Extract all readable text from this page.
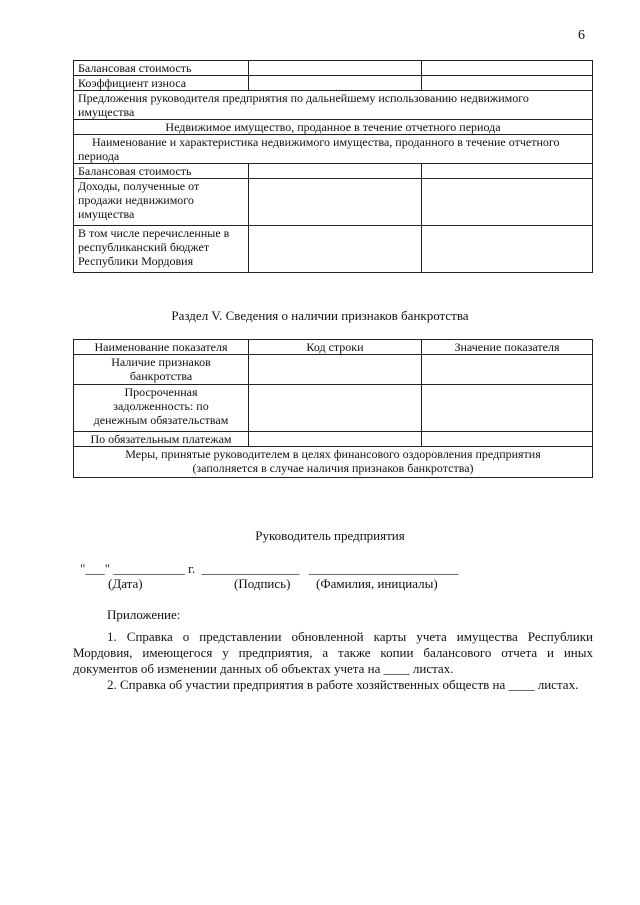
6
Балансовая стоимость		
Коэффициент износа		
Предложения руководителя предприятия по дальнейшему использованию недвижимого имущества		
Недвижимое имущество, проданное в течение отчетного периода		
Наименование и характеристика недвижимого имущества, проданного в течение отчетного периода		
Балансовая стоимость		
Доходы, полученные от продажи недвижимого имущества		
В том числе перечисленные в республиканский бюджет Республики Мордовия		
Раздел V. Сведения о наличии признаков банкротства
Наименование показателя	Код строки	Значение показателя
Наличие признаков банкротства		
Просроченная задолженность: по денежным обязательствам		
По обязательным платежам		

Меры, принятые руководителем в целях финансового оздоровления предприятия
(заполняется в случае наличия признаков банкротства)		
Руководитель предприятия
"___" ___________ г.  _______________   _______________________
(Дата)	(Подпись) (Фамилия, инициалы)

Приложение:

1. Справка о представлении обновленной карты учета имущества Республики Мордовия, имеющегося у предприятия, а также копии балансового отчета и иных документов об изменении данных об объектах учета на ____ листах.

2. Справка об участии предприятия в работе хозяйственных обществ на ____ листах.
